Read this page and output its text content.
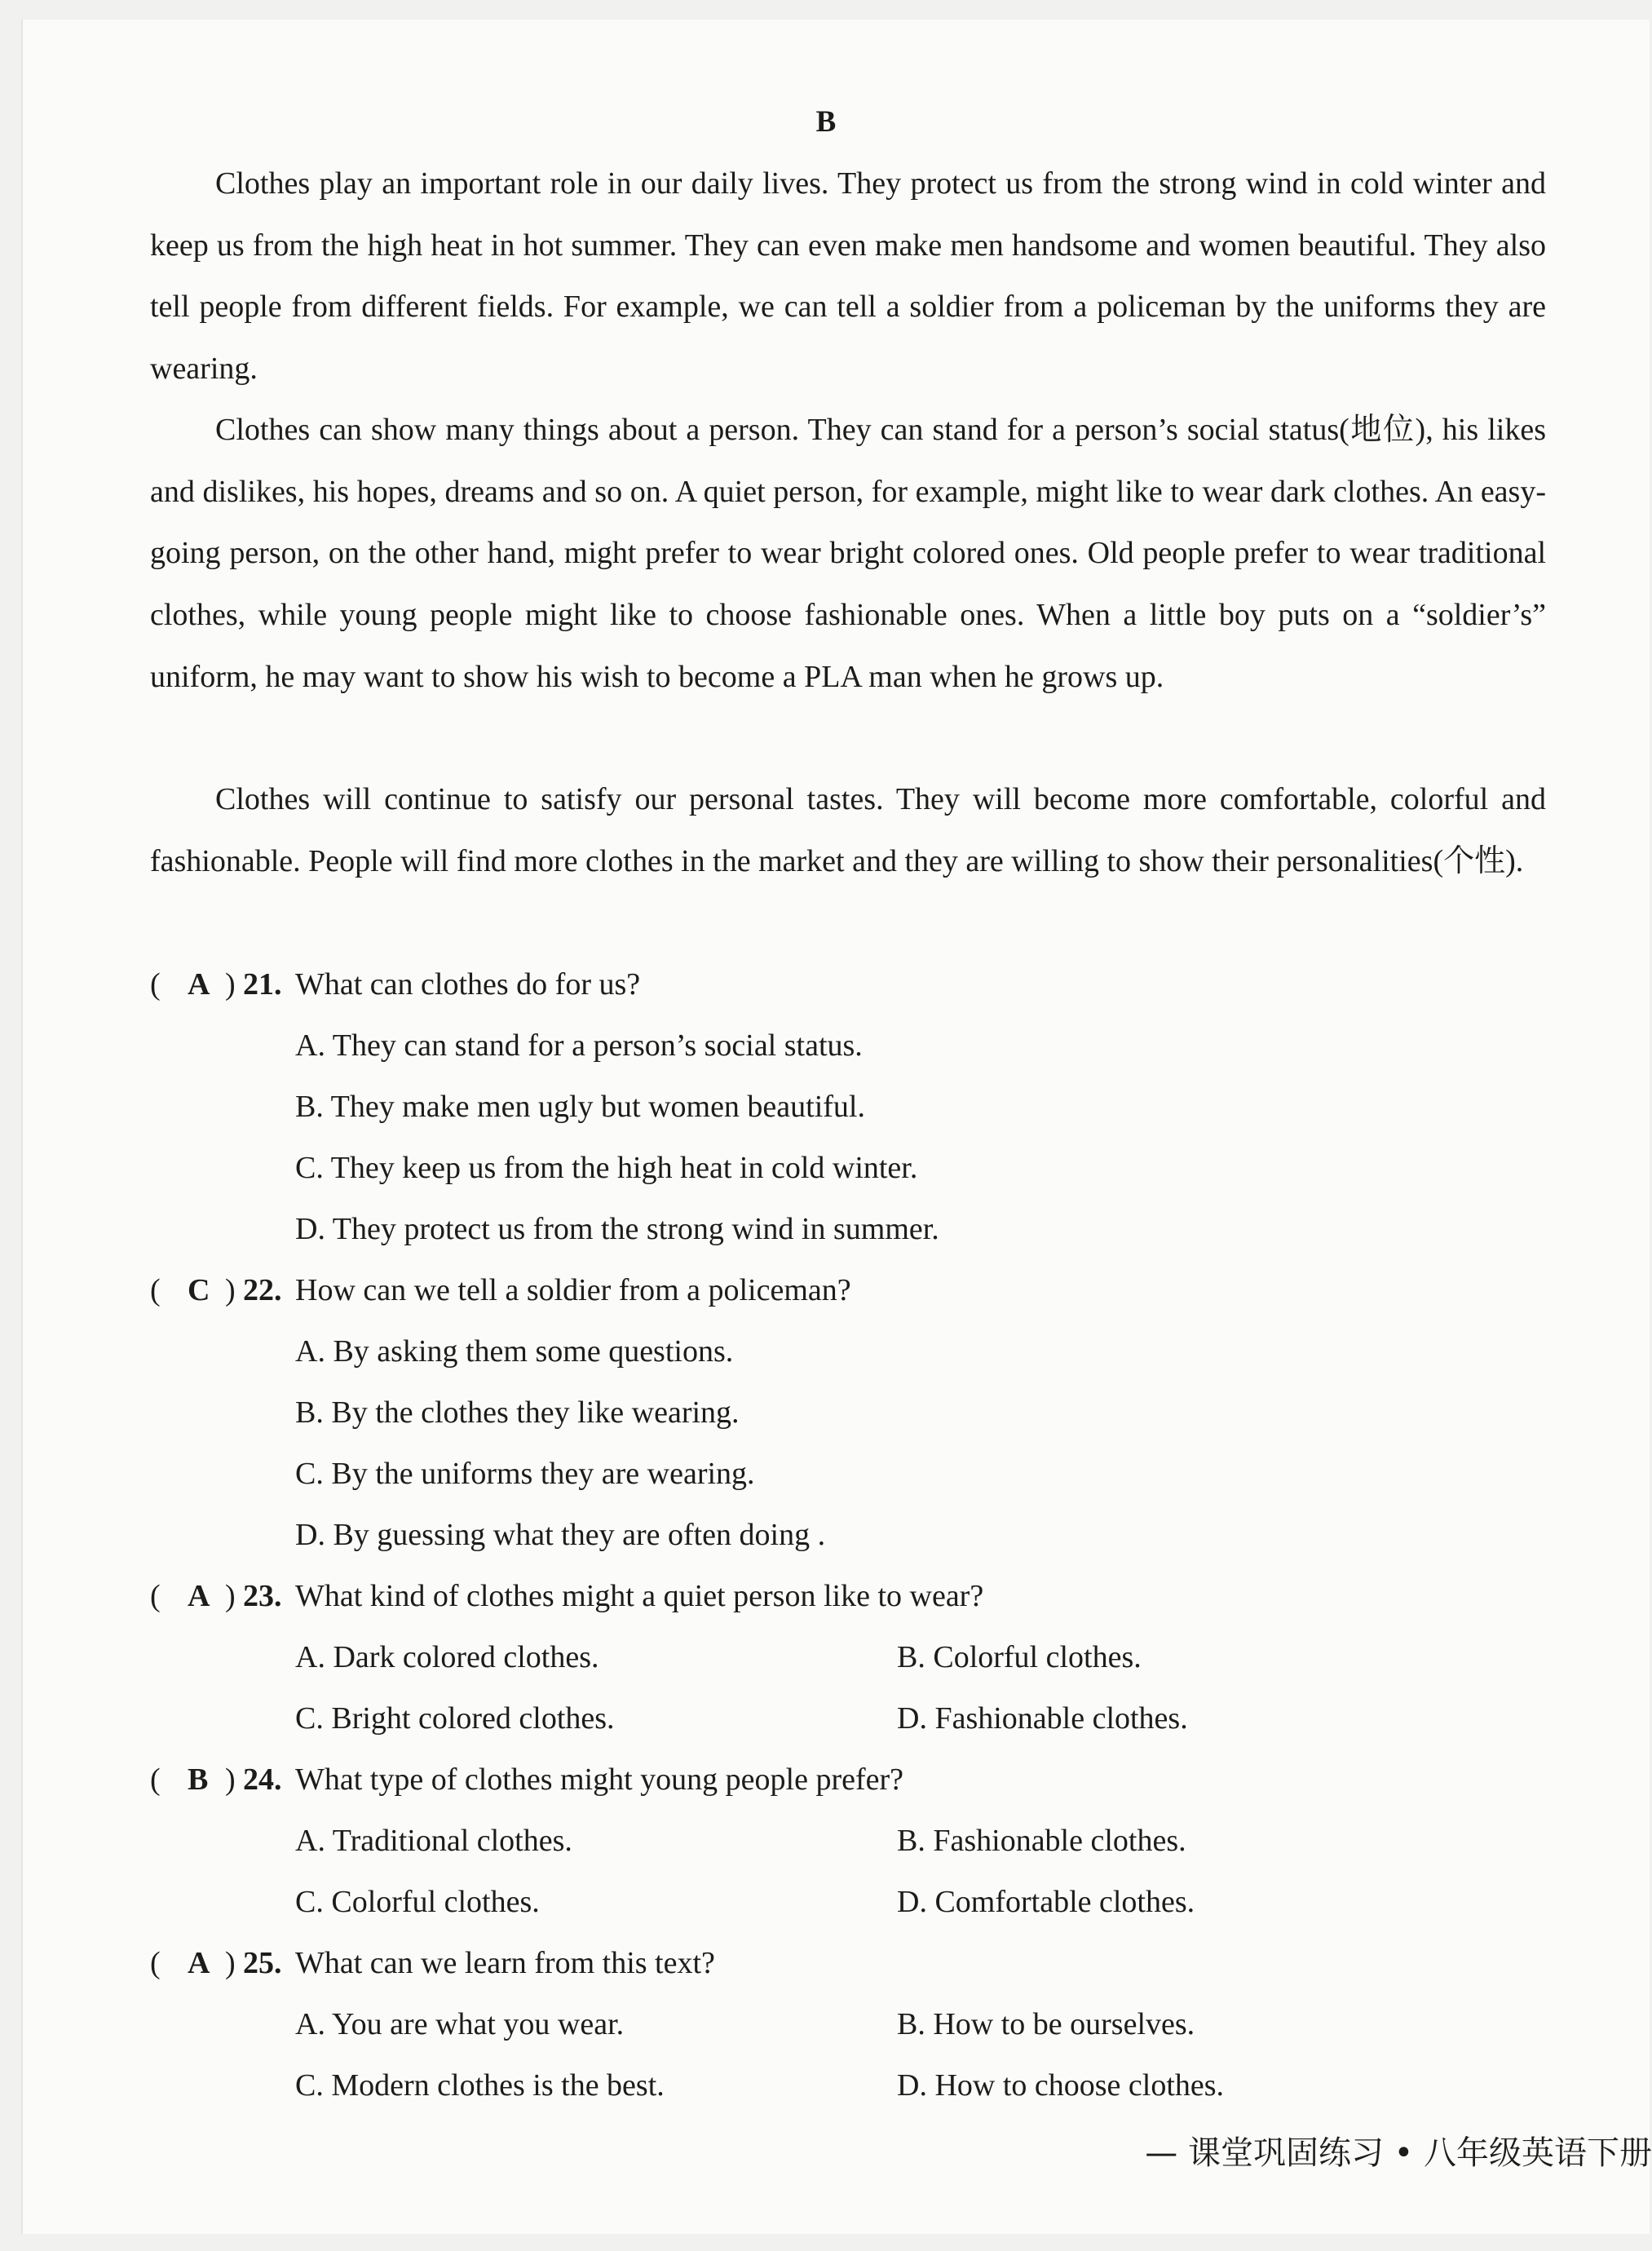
B

Clothes play an important role in our daily lives. They protect us from the strong wind in cold winter and keep us from the high heat in hot summer. They can even make men handsome and women beautiful. They also tell people from different fields. For example, we can tell a soldier from a policeman by the uniforms they are wearing.

Clothes can show many things about a person. They can stand for a person’s social status(地位), his likes and dislikes, his hopes, dreams and so on. A quiet person, for example, might like to wear dark clothes. An easy-going person, on the other hand, might prefer to wear bright colored ones. Old people prefer to wear traditional clothes, while young people might like to choose fashionable ones. When a little boy puts on a “soldier’s” uniform, he may want to show his wish to become a PLA man when he grows up.

Clothes will continue to satisfy our personal tastes. They will become more comfortable, colorful and fashionable. People will find more clothes in the market and they are willing to show their personalities(个性).

( A ) 21. What can clothes do for us?
A. They can stand for a person’s social status.
B. They make men ugly but women beautiful.
C. They keep us from the high heat in cold winter.
D. They protect us from the strong wind in summer.
( C ) 22. How can we tell a soldier from a policeman?
A. By asking them some questions.
B. By the clothes they like wearing.
C. By the uniforms they are wearing.
D. By guessing what they are often doing .
( A ) 23. What kind of clothes might a quiet person like to wear?
A. Dark colored clothes.	B. Colorful clothes.
C. Bright colored clothes.	D. Fashionable clothes.
( B ) 24. What type of clothes might young people prefer?
A. Traditional clothes.	B. Fashionable clothes.
C. Colorful clothes.	D. Comfortable clothes.
( A ) 25. What can we learn from this text?
A. You are what you wear.	B. How to be ourselves.
C. Modern clothes is the best.	D. How to choose clothes.
— 课堂巩固练习 • 八年级英语下册
